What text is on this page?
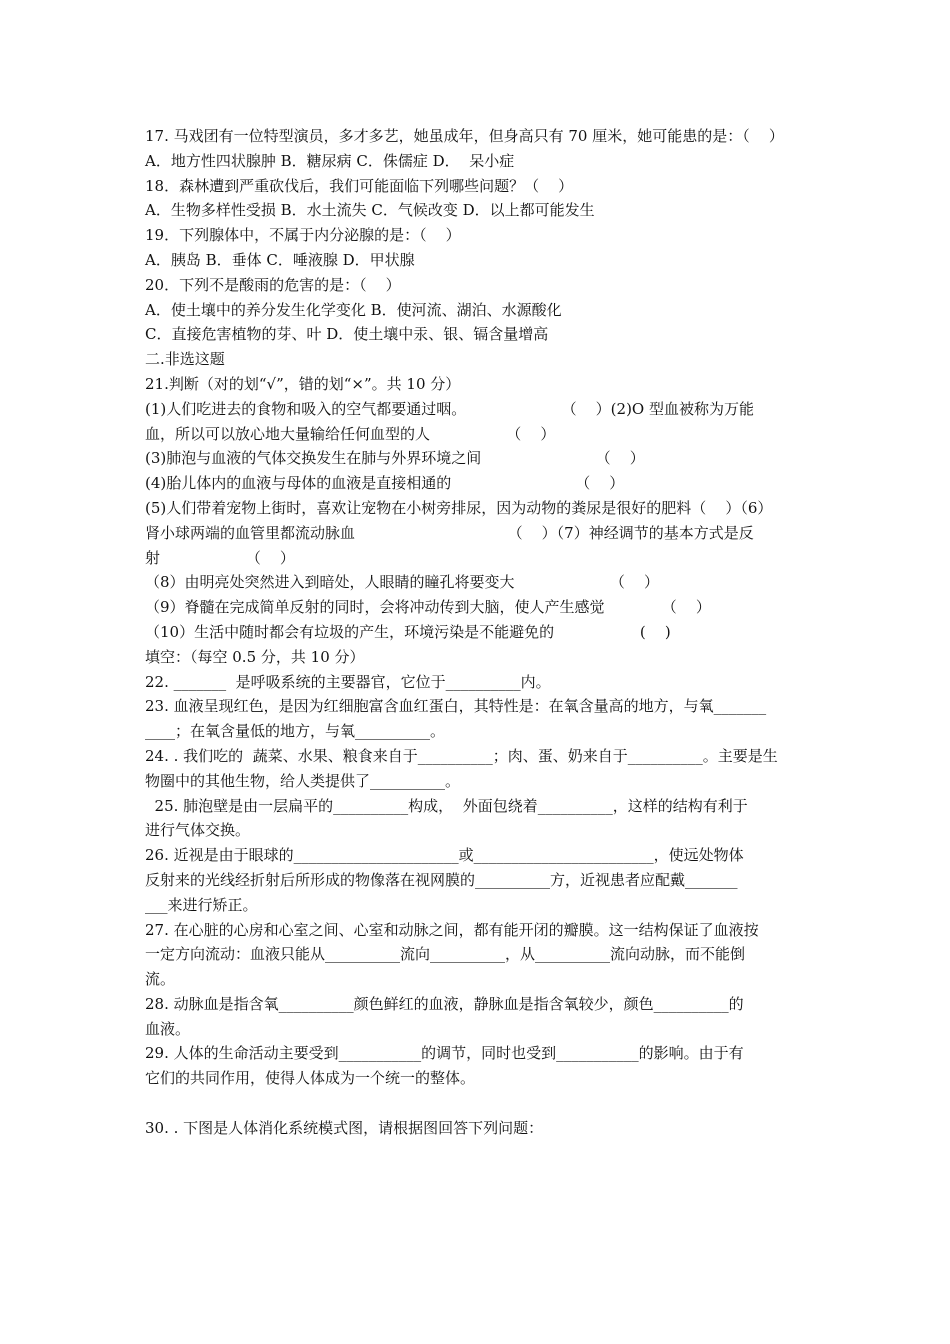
17. 马戏团有一位特型演员，多才多艺，她虽成年，但身高只有 70 厘米，她可能患的是：（    ）
A．地方性四状腺肿 B．糖尿病 C．侏儒症 D．  呆小症
18．森林遭到严重砍伐后，我们可能面临下列哪些问题？（    ）
A．生物多样性受损 B．水土流失 C．气候改变 D．以上都可能发生
19．下列腺体中，不属于内分泌腺的是：（    ）
A．胰岛 B．垂体 C．唾液腺 D．甲状腺
20．下列不是酸雨的危害的是：（    ）
A．使土壤中的养分发生化学变化 B．使河流、湖泊、水源酸化
C．直接危害植物的芽、叶 D．使土壤中汞、银、镉含量增高
二.非选这题
21.判断（对的划“√”，错的划“×”。共 10 分）
(1)人们吃进去的食物和吸入的空气都要通过咽。                    （    ）(2)O 型血被称为万能
血，所以可以放心地大量输给任何血型的人                （    ）
(3)肺泡与血液的气体交换发生在肺与外界环境之间                        （    ）
(4)胎儿体内的血液与母体的血液是直接相通的                          （    ）
(5)人们带着宠物上街时，喜欢让宠物在小树旁排尿，因为动物的粪尿是很好的肥料（    ）（6）
肾小球两端的血管里都流动脉血                                （    ）（7）神经调节的基本方式是反
射                  （    ）
（8）由明亮处突然进入到暗处，人眼睛的瞳孔将要变大                    （    ）
（9）脊髓在完成简单反射的同时，会将冲动传到大脑，使人产生感觉            （    ）
（10）生活中随时都会有垃圾的产生，环境污染是不能避免的                  (    )
填空：（每空 0.5 分，共 10 分）
22. _______  是呼吸系统的主要器官，它位于__________内。
23. 血液呈现红色，是因为红细胞富含血红蛋白，其特性是：在氧含量高的地方，与氧_______
____；在氧含量低的地方，与氧__________。
24. . 我们吃的  蔬菜、水果、粮食来自于__________；肉、蛋、奶来自于__________。主要是生
物圈中的其他生物，给人类提供了__________。
25. 肺泡壁是由一层扁平的__________构成，  外面包绕着__________，这样的结构有利于
进行气体交换。
26. 近视是由于眼球的______________________或________________________，使远处物体
反射来的光线经折射后所形成的物像落在视网膜的__________方，近视患者应配戴_______
___来进行矫正。
27. 在心脏的心房和心室之间、心室和动脉之间，都有能开闭的瓣膜。这一结构保证了血液按
一定方向流动：血液只能从__________流向__________，从__________流向动脉，而不能倒
流。
28. 动脉血是指含氧__________颜色鲜红的血液，静脉血是指含氧较少，颜色__________的
血液。
29. 人体的生命活动主要受到___________的调节，同时也受到___________的影响。由于有
它们的共同作用，使得人体成为一个统一的整体。
30. . 下图是人体消化系统模式图，请根据图回答下列问题：
